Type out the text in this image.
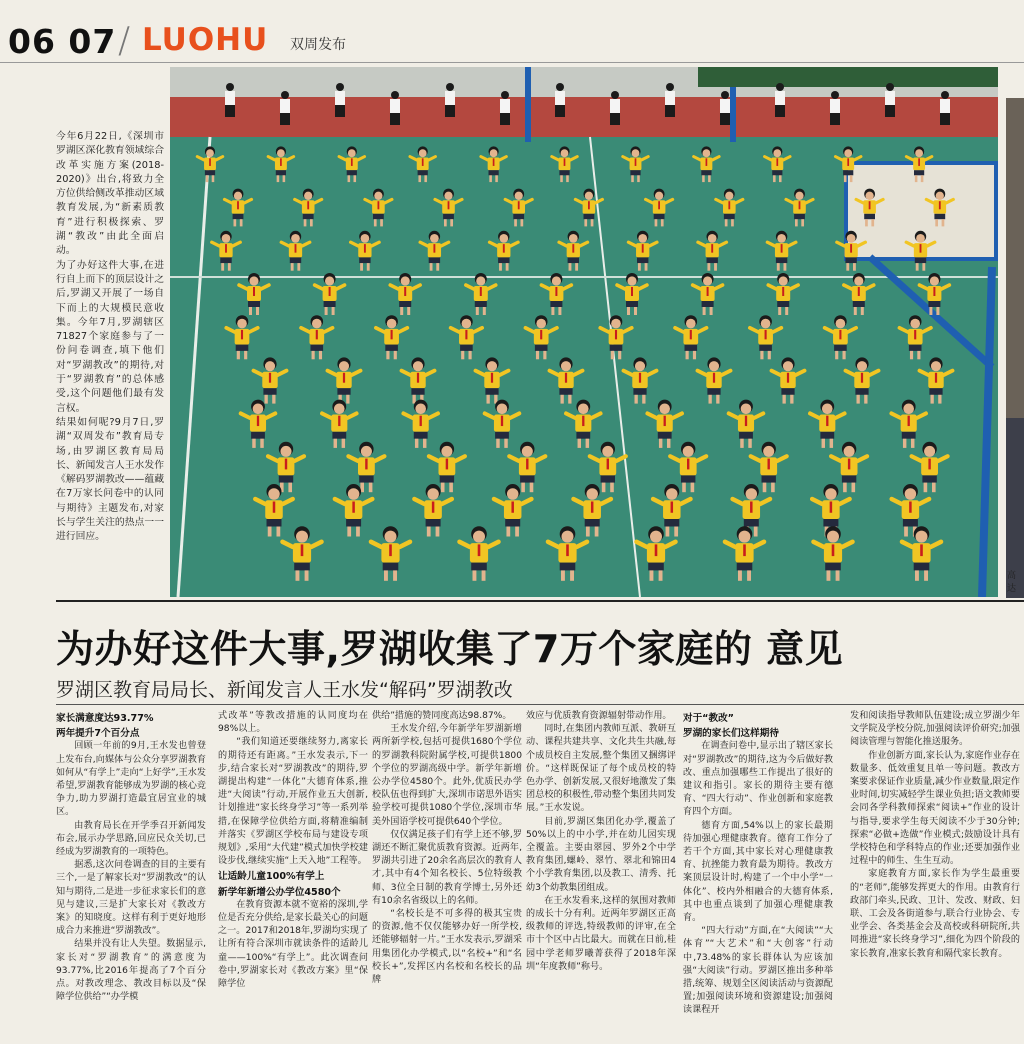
06 07 / LUOHU 双周发布
高达

今年6月22日,《深圳市罗湖区深化教育领域综合改革实施方案(2018-2020)》出台,将致力全方位供给侧改革推动区域教育发展,为“新素质教育”进行积极探索、罗湖“教改”由此全面启动。

为了办好这件大事,在进行自上而下的顶层设计之后,罗湖又开展了一场自下而上的大规模民意收集。今年7月,罗湖辖区71827个家庭参与了一份问卷调查,填下他们对“罗湖教改”的期待,对于“罗湖教育”的总体感受,这个问题他们最有发言权。

结果如何呢?9月7日,罗湖“双周发布”教育局专场,由罗湖区教育局局长、新闻发言人王水发作《解码罗湖教改——蕴藏在7万家长问卷中的认同与期待》主题发布,对家长与学生关注的热点一一进行回应。

为办好这件大事,罗湖收集了7万个家庭的 意见
罗湖区教育局局长、新闻发言人王水发“解码”罗湖教改
家长满意度达93.77%
两年提升7个百分点

回顾一年前的9月,王水发也曾登上发布台,向媒体与公众分享罗湖教育如何从“有学上”走向“上好学”,王水发希望,罗湖教育能够成为罗湖的核心竞争力,助力罗湖打造最宜居宜业的城区。

由教育局长在开学季召开新闻发布会,展示办学思路,回应民众关切,已经成为罗湖教育的一项特色。

据悉,这次问卷调查的目的主要有三个,一是了解家长对“罗湖教改”的认知与期待,二是进一步征求家长们的意见与建议,三是扩大家长对《教改方案》的知晓度。这样有利于更好地形成合力来推进“罗湖教改”。

结果并没有让人失望。数据显示,家长对“罗湖教育”的满意度为93.77%,比2016年提高了7个百分点。对教改理念、教改目标以及“保障学位供给”“办学模

式改革”等教改措施的认同度均在98%以上。

“我们知道还要继续努力,离家长的期待还有距离。”王水发表示,下一步,结合家长对“罗湖教改”的期待,罗湖提出构建“一体化”大德育体系,推进“大阅读”行动,开展作业五大创新,计划推进“家长终身学习”等一系列举措,在保障学位供给方面,将精准编制并落实《罗湖区学校布局与建设专项规划》,采用“大代建”模式加快学校建设步伐,继续实施“上天入地”工程等。

让适龄儿童100%有学上
新学年新增公办学位4580个

在教育资源本就不宽裕的深圳,学位是否充分供给,是家长最关心的问题之一。2017和2018年,罗湖均实现了让所有符合深圳市就读条件的适龄儿童——100%“有学上”。此次调查问卷中,罗湖家长对《教改方案》里“保障学位

供给”措施的赞同度高达98.87%。

王水发介绍,今年新学年罗湖新增两所新学校,包括可提供1680个学位的罗湖教科院附属学校,可提供1800个学位的罗湖高级中学。新学年新增公办学位4580个。此外,优质民办学校队伍也得到扩大,深圳市诺思外语实验学校可提供1080个学位,深圳市华美外国语学校可提供640个学位。

仅仅满足孩子们有学上还不够,罗湖还不断汇聚优质教育资源。近两年,罗湖共引进了20余名高层次的教育人才,其中有4个知名校长、5位特级教师、3位全日制的教育学博士,另外还有10余名省级以上的名师。

“名校长是不可多得的极其宝贵的资源,他不仅仅能够办好一所学校,还能够辐射一片。”王水发表示,罗湖采用集团化办学模式,以“名校+”和“名校长+”,发挥区内名校和名校长的品牌

效应与优质教育资源辐射带动作用。

同时,在集团内教师互派、教研互动、课程共建共享、文化共生共融,每个成员校自主发展,整个集团又捆绑评价。“这样既保证了每个成员校的特色办学、创新发展,又很好地激发了集团总校的积极性,带动整个集团共同发展。”王水发说。

目前,罗湖区集团化办学,覆盖了50%以上的中小学,并在幼儿园实现全覆盖。主要由翠园、罗外2个中学教育集团,螺岭、翠竹、翠北和锦田4个小学教育集团,以及教工、清秀、托幼3个幼教集团组成。

在王水发看来,这样的氛围对教师的成长十分有利。近两年罗湖区正高级教师的评选,特级教师的评审,在全市十个区中占比最大。而就在日前,桂园中学老师罗曦菁获得了2018年深圳“年度教师”称号。

对于“教改”
罗湖的家长们这样期待

在调查问卷中,显示出了辖区家长对“罗湖教改”的期待,这为今后做好教改、重点加强哪些工作提出了很好的建议和指引。家长的期待主要有德育、“四大行动”、作业创新和家庭教育四个方面。

德育方面,54%以上的家长最期待加强心理健康教育。德育工作分了若干个方面,其中家长对心理健康教育、抗挫能力教育最为期待。教改方案顶层设计时,构建了一个中小学“一体化”、校内外相融合的大德育体系,其中也重点谈到了加强心理健康教育。

“四大行动”方面,在“大阅读”“大体育”“大艺术”和“大创客”行动中,73.48%的家长群体认为应该加强“大阅读”行动。罗湖区推出多种举措,统筹、规划全区阅读活动与资源配置;加强阅读环境和资源建设;加强阅读课程开

发和阅读指导教师队伍建设;成立罗湖少年文学院及学校分院,加强阅读评价研究;加强阅读管理与智能化推送服务。

作业创新方面,家长认为,家庭作业存在数量多、低效重复且单一等问题。教改方案要求保证作业质量,减少作业数量,限定作业时间,切实减轻学生课业负担;语文教师要会同各学科教师探索“阅读+”作业的设计与指导,要求学生每天阅读不少于30分钟;探索“必做+选做”作业模式;鼓励设计具有学校特色和学科特点的作业;还要加强作业过程中的师生、生生互动。

家庭教育方面,家长作为学生最重要的“老师”,能够发挥更大的作用。由教育行政部门牵头,民政、卫计、发改、财政、妇联、工会及各街道参与,联合行业协会、专业学会、各类基金会及高校或科研院所,共同推进“家长终身学习”,细化为四个阶段的家长教育,准家长教育和隔代家长教育。
